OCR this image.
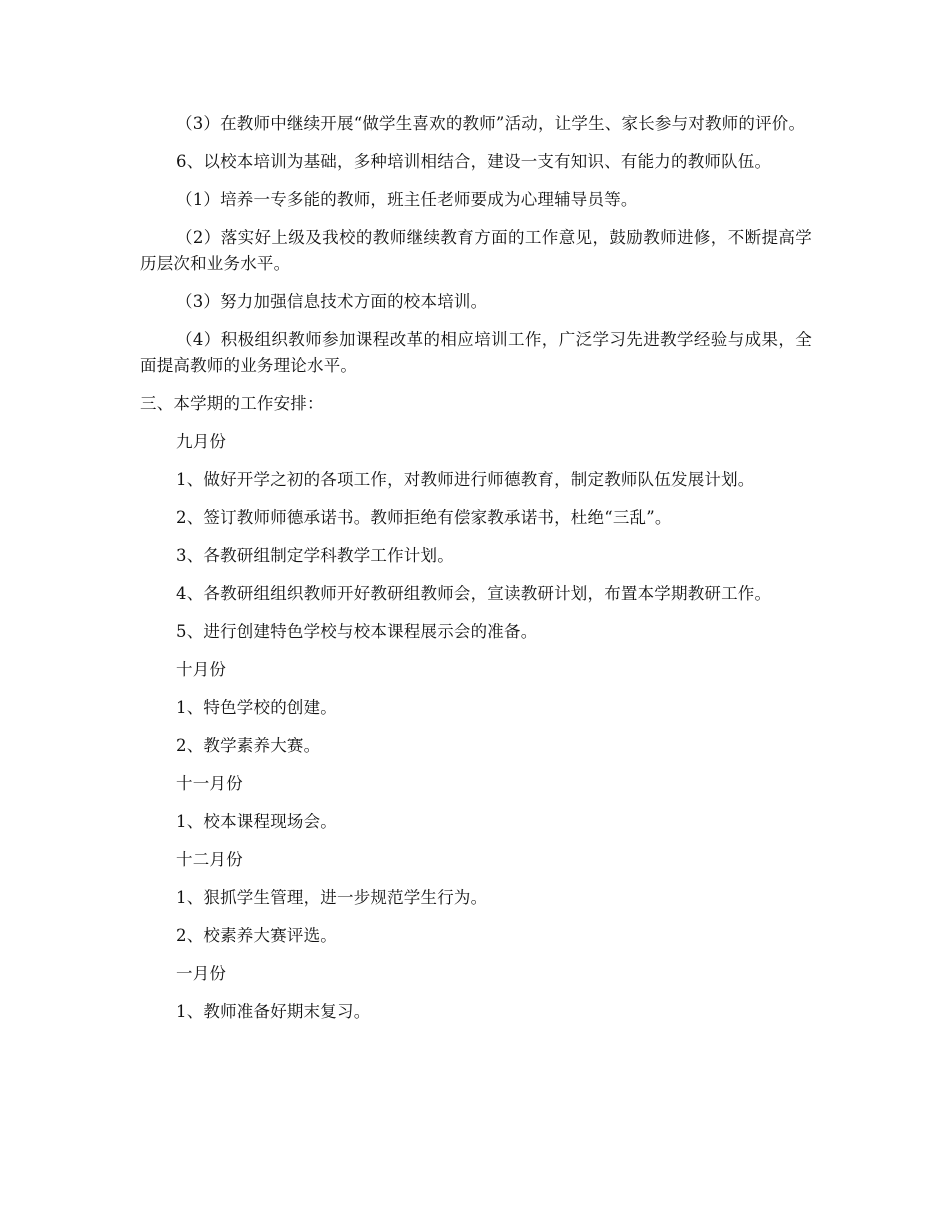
（3）在教师中继续开展“做学生喜欢的教师”活动，让学生、家长参与对教师的评价。

6、以校本培训为基础，多种培训相结合，建设一支有知识、有能力的教师队伍。

（1）培养一专多能的教师，班主任老师要成为心理辅导员等。

（2）落实好上级及我校的教师继续教育方面的工作意见，鼓励教师进修，不断提高学历层次和业务水平。

（3）努力加强信息技术方面的校本培训。

（4）积极组织教师参加课程改革的相应培训工作，广泛学习先进教学经验与成果，全面提高教师的业务理论水平。

三、本学期的工作安排：

九月份

1、做好开学之初的各项工作，对教师进行师德教育，制定教师队伍发展计划。

2、签订教师师德承诺书。教师拒绝有偿家教承诺书，杜绝“三乱”。

3、各教研组制定学科教学工作计划。

4、各教研组组织教师开好教研组教师会，宣读教研计划，布置本学期教研工作。

5、进行创建特色学校与校本课程展示会的准备。

十月份

1、特色学校的创建。

2、教学素养大赛。

十一月份

1、校本课程现场会。

十二月份

1、狠抓学生管理，进一步规范学生行为。

2、校素养大赛评选。

一月份

1、教师准备好期末复习。
